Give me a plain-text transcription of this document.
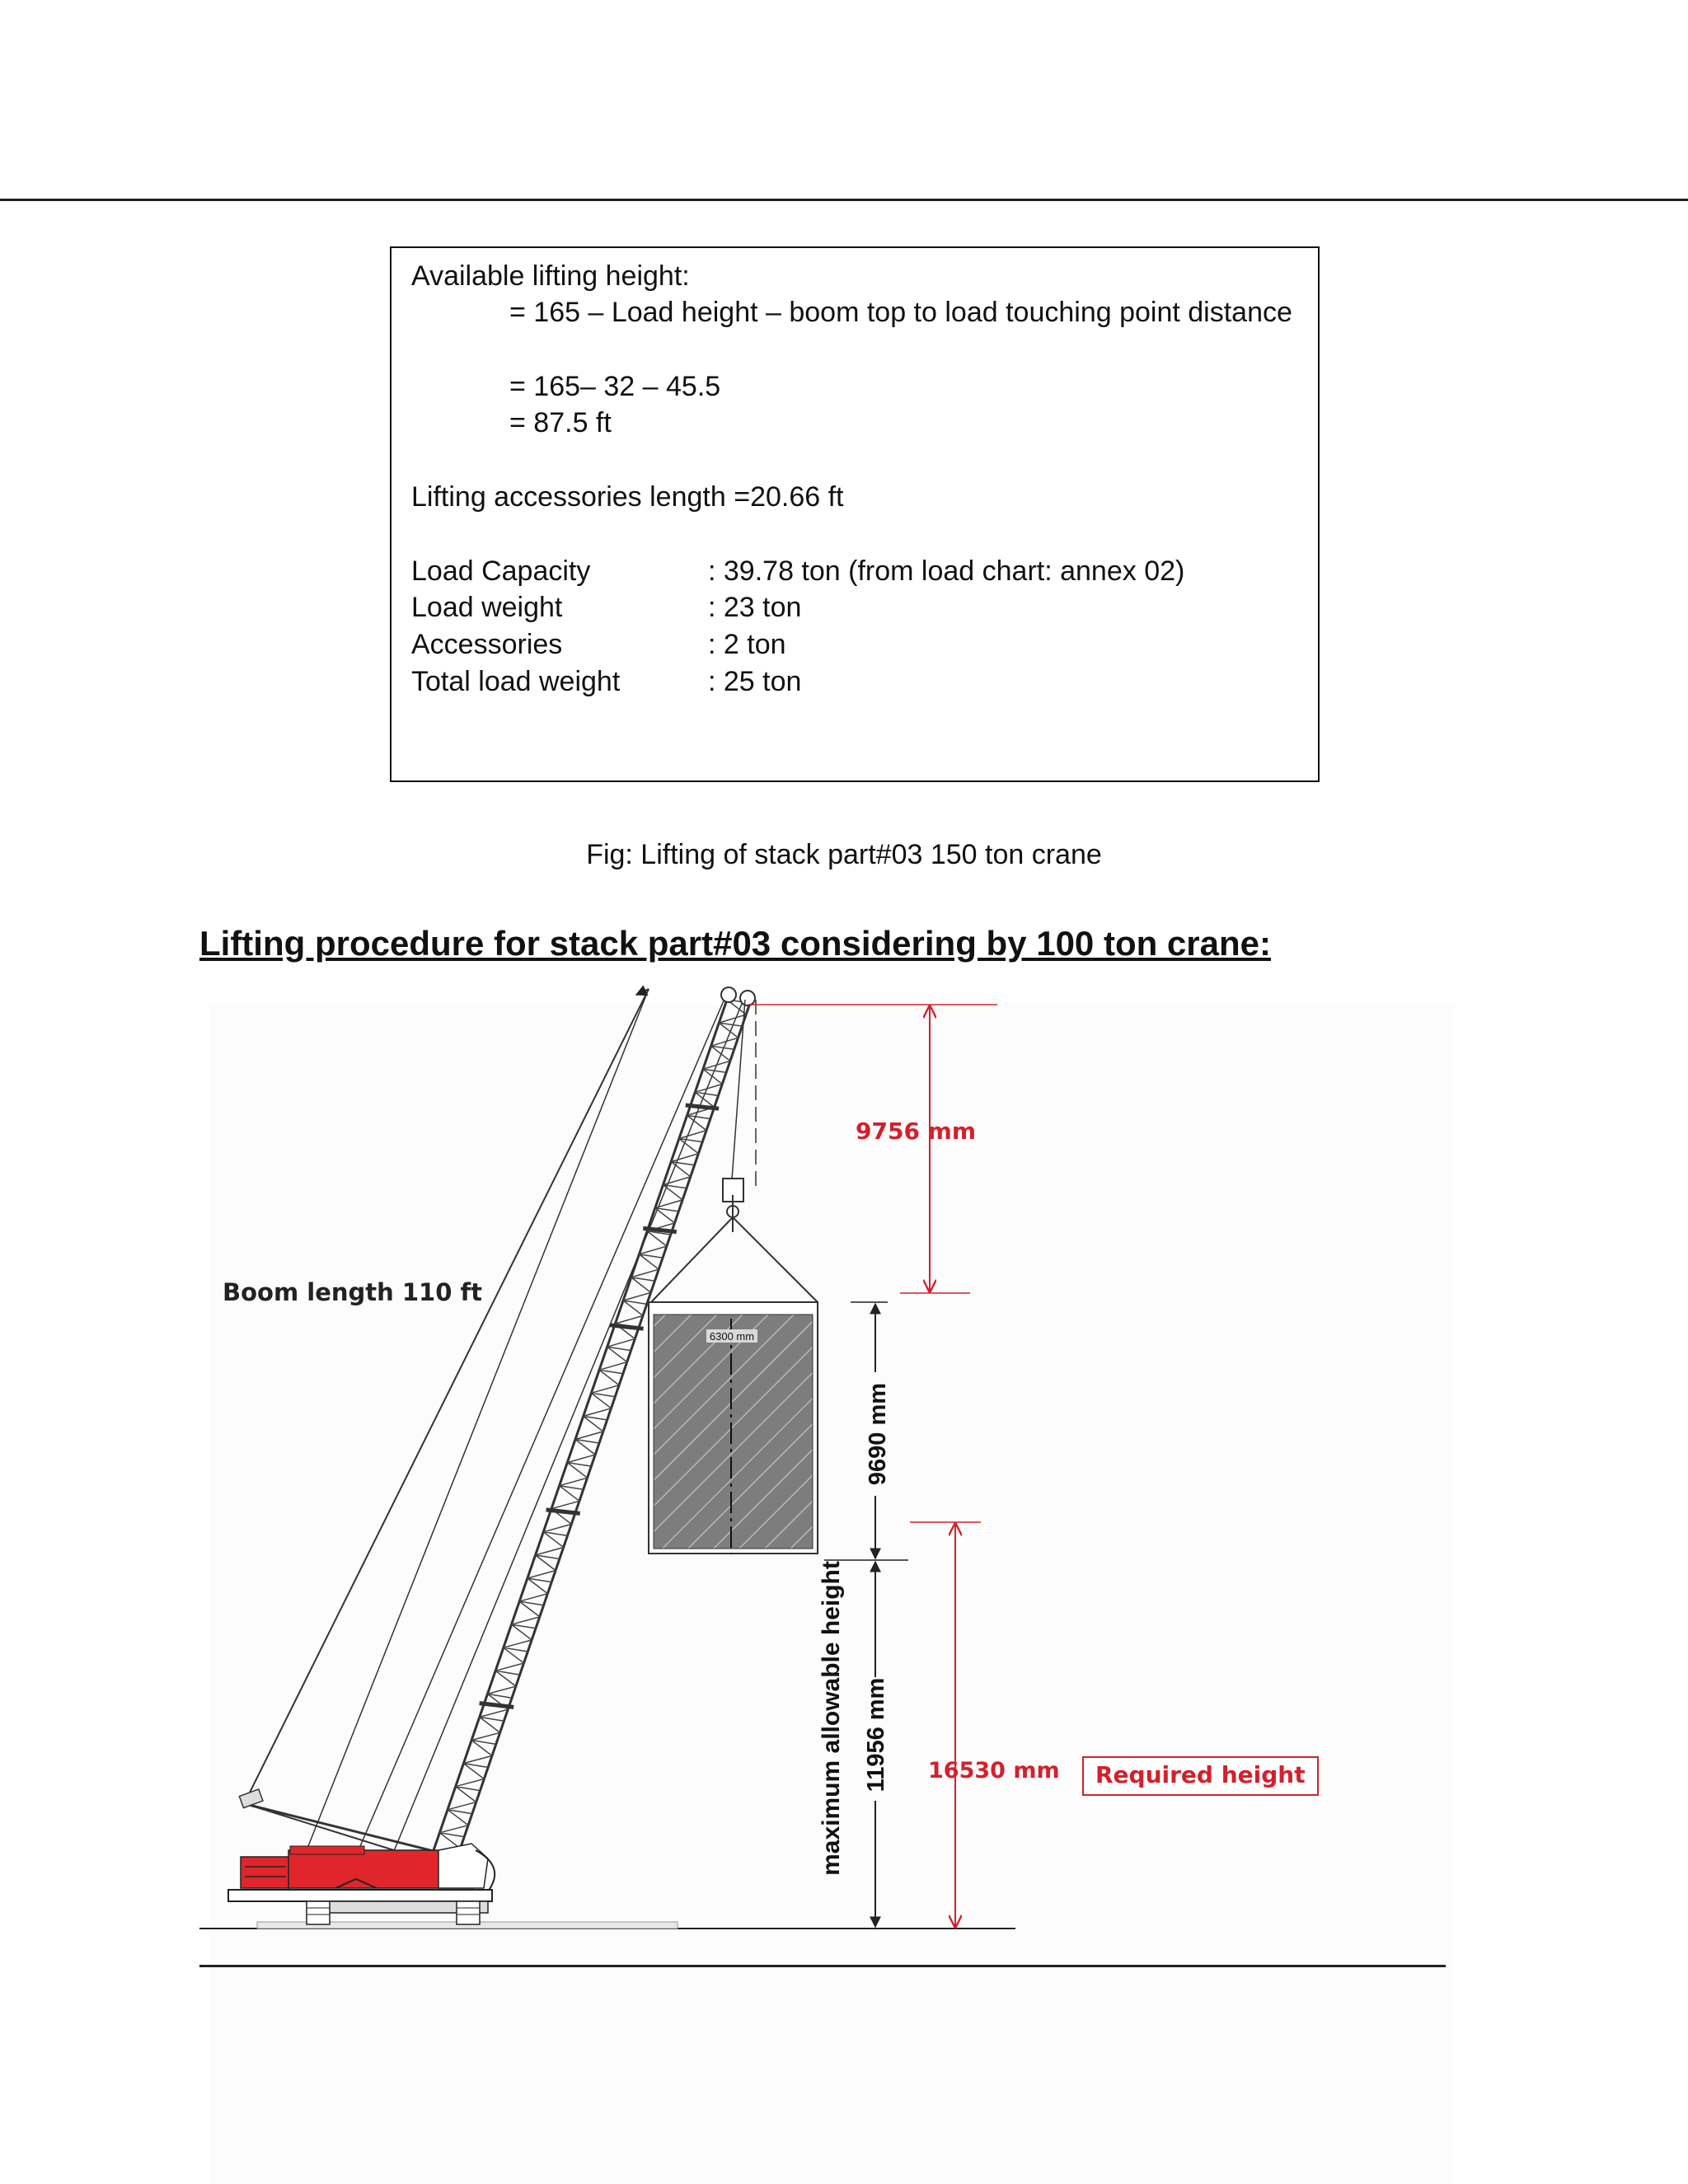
Available lifting height:
= 165 – Load height – boom top to load touching point distance
= 165– 32 – 45.5
= 87.5 ft
Lifting accessories length =20.66 ft
Load Capacity	: 39.78 ton (from load chart: annex 02)
Load weight	: 23 ton
Accessories	: 2 ton
Total load weight	: 25 ton
Fig: Lifting of stack part#03 150 ton crane
Lifting procedure for stack part#03 considering by 100 ton crane:
6300 mm
Boom length 110 ft
9756 mm
9690 mm
11956 mm
maximum allowable height	16530 mm Required height
